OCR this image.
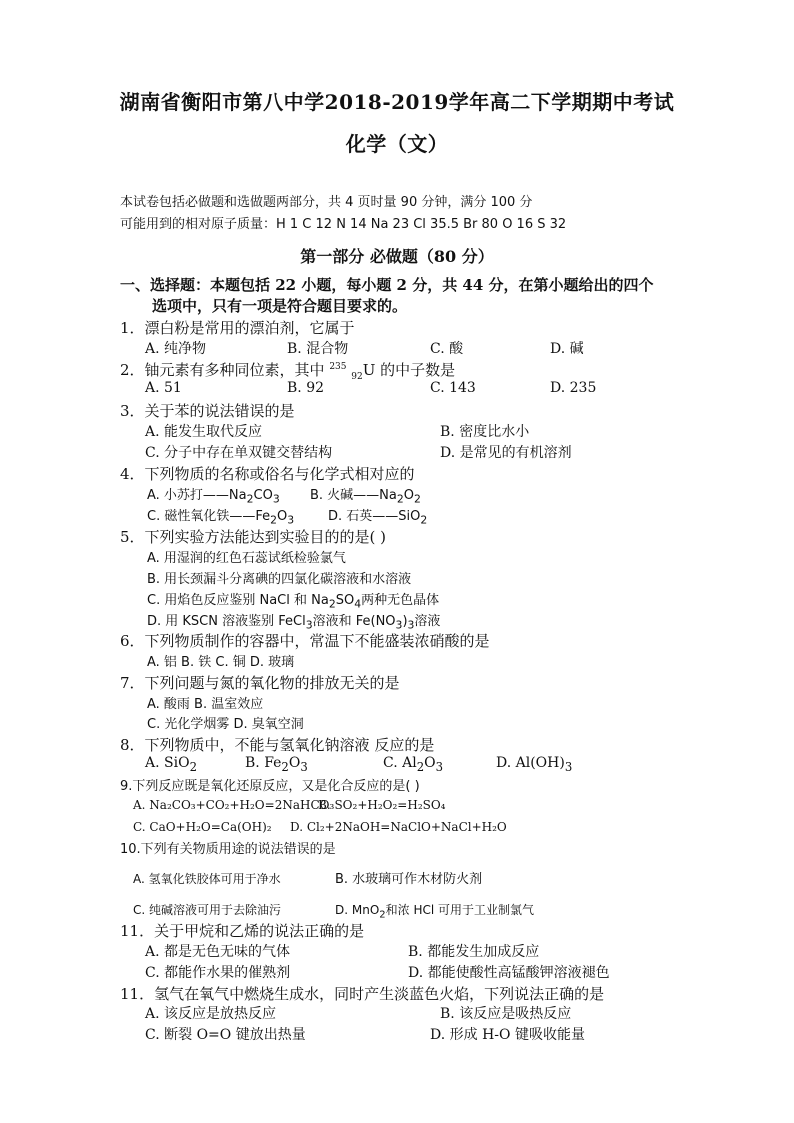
湖南省衡阳市第八中学2018-2019学年高二下学期期中考试
化学（文）
本试卷包括必做题和选做题两部分，共 4 页时量 90 分钟，满分 100 分
可能用到的相对原子质量：H 1 C 12 N 14 Na 23 Cl 35.5 Br 80 O 16 S 32
第一部分 必做题（80 分）
一、选择题：本题包括 22 小题，每小题 2 分，共 44 分，在第小题给出的四个
选项中，只有一项是符合题目要求的。
1．漂白粉是常用的漂泊剂，它属于
A. 纯净物	B. 混合物	C. 酸	D. 碱
2．铀元素有多种同位素，其中 $^{235}$ $_{92}$U 的中子数是
A. 51	B. 92	C. 143	D. 235
3．关于苯的说法错误的是
A. 能发生取代反应	B. 密度比水小
C. 分子中存在单双键交替结构	D. 是常见的有机溶剂
4．下列物质的名称或俗名与化学式相对应的
A. 小苏打$——Na_2CO_3$ B. 火碱$——Na_2O_2$
C. 磁性氧化铁$——Fe_2O_3$	D. 石英——SiO$_2$
5．下列实验方法能达到实验目的的是( )
A. 用湿润的红色石蕊试纸检验氯气
B. 用长颈漏斗分离碘的四氯化碳溶液和水溶液
C. 用焰色反应鉴别 NaCl 和 $Na_2SO_4$两种无色晶体
D. 用 KSCN 溶液鉴别 FeCl$_3$溶液和 $Fe(NO_3)_3$溶液
6．下列物质制作的容器中，常温下不能盛装浓硝酸的是
A. 铝 B. 铁 C. 铜 D. 玻璃
7．下列问题与氮的氧化物的排放无关的是
A. 酸雨 B. 温室效应
C. 光化学烟雾 D. 臭氧空洞
8．下列物质中，不能与氢氧化钠溶液 反应的是
A. SiO$_2$	B. $Fe_2O_3$	C. $Al_2O_3$	D. $Al(OH)_3$
9.下列反应既是氧化还原反应，又是化合反应的是( )
A. Na₂CO₃+CO₂+H₂O=2NaHCO₃
B. SO₂+H₂O₂=H₂SO₄
C. CaO+H₂O=Ca(OH)₂ D. Cl₂+2NaOH=NaClO+NaCl+H₂O
10.下列有关物质用途的说法错误的是
A. 氢氧化铁胶体可用于净水	B. 水玻璃可作木材防火剂
C. 纯碱溶液可用于去除油污	D. MnO$_2$和浓 HCl 可用于工业制氯气
11．关于甲烷和乙烯的说法正确的是
A. 都是无色无味的气体	B. 都能发生加成反应
C. 都能作水果的催熟剂	D. 都能使酸性高锰酸钾溶液褪色
11．氢气在氧气中燃烧生成水，同时产生淡蓝色火焰，下列说法正确的是
A. 该反应是放热反应	B. 该反应是吸热反应
C. 断裂 O=O 键放出热量	D. 形成 H-O 键吸收能量
